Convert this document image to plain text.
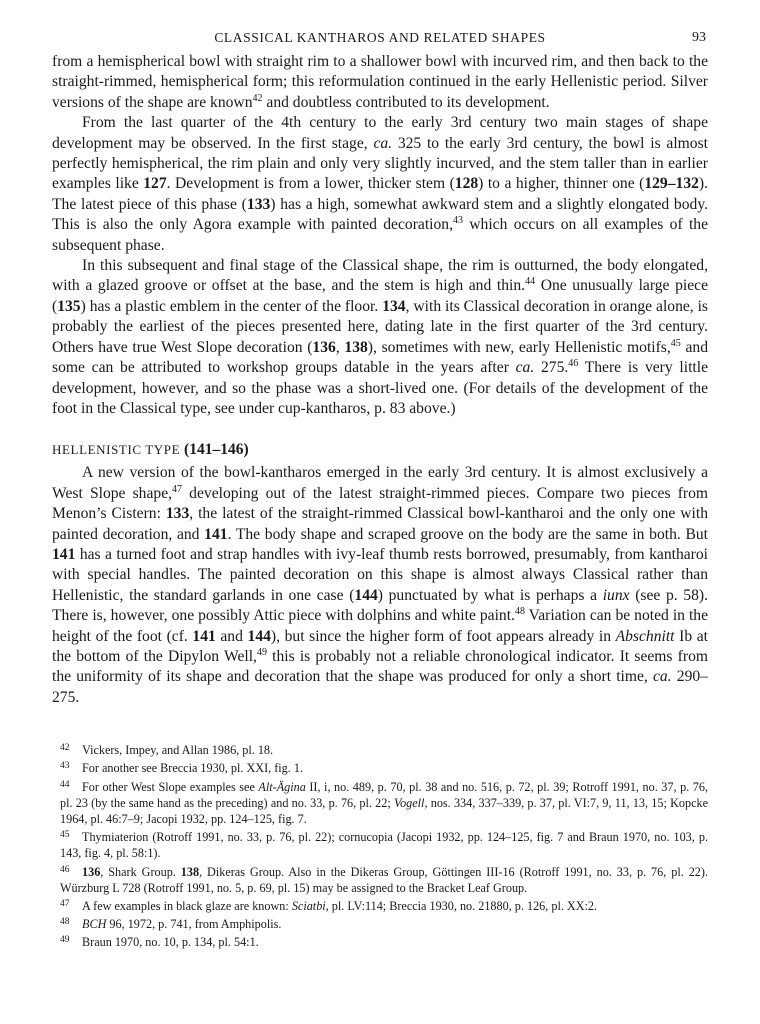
CLASSICAL KANTHAROS AND RELATED SHAPES	93

from a hemispherical bowl with straight rim to a shallower bowl with incurved rim, and then back to the straight-rimmed, hemispherical form; this reformulation continued in the early Hellenistic period. Silver versions of the shape are known$^{42}$ and doubtless contributed to its development.

From the last quarter of the 4th century to the early 3rd century two main stages of shape development may be observed. In the first stage, ca. 325 to the early 3rd century, the bowl is almost perfectly hemispherical, the rim plain and only very slightly incurved, and the stem taller than in earlier examples like 127. Development is from a lower, thicker stem (128) to a higher, thinner one (129–132). The latest piece of this phase (133) has a high, somewhat awkward stem and a slightly elongated body. This is also the only Agora example with painted decoration,$^{43}$ which occurs on all examples of the subsequent phase.

In this subsequent and final stage of the Classical shape, the rim is outturned, the body elongated, with a glazed groove or offset at the base, and the stem is high and thin.$^{44}$ One unusually large piece (135) has a plastic emblem in the center of the floor. 134, with its Classical decoration in orange alone, is probably the earliest of the pieces presented here, dating late in the first quarter of the 3rd century. Others have true West Slope decoration (136, 138), sometimes with new, early Hellenistic motifs,$^{45}$ and some can be attributed to workshop groups datable in the years after ca. 275.46 There is very little development, however, and so the phase was a short-lived one. (For details of the development of the foot in the Classical type, see under cup-kantharos, p. 83 above.)

HELLENISTIC TYPE (141–146)

A new version of the bowl-kantharos emerged in the early 3rd century. It is almost exclusively a West Slope shape,$^{47}$ developing out of the latest straight-rimmed pieces. Compare two pieces from Menon’s Cistern: 133, the latest of the straight-rimmed Classical bowl-kantharoi and the only one with painted decoration, and 141. The body shape and scraped groove on the body are the same in both. But 141 has a turned foot and strap handles with ivy-leaf thumb rests borrowed, presumably, from kantharoi with special handles. The painted decoration on this shape is almost always Classical rather than Hellenistic, the standard garlands in one case (144) punctuated by what is perhaps a iunx (see p. 58). There is, however, one possibly Attic piece with dolphins and white paint.$^{48}$ Variation can be noted in the height of the foot (cf. 141 and 144), but since the higher form of foot appears already in Abschnitt Ib at the bottom of the Dipylon Well,$^{49}$ this is probably not a reliable chronological indicator. It seems from the uniformity of its shape and decoration that the shape was produced for only a short time, ca. 290–275.

42 Vickers, Impey, and Allan 1986, pl. 18.

43 For another see Breccia 1930, pl. XXI, fig. 1.

44 For other West Slope examples see Alt-Ägina II, i, no. 489, p. 70, pl. 38 and no. 516, p. 72, pl. 39; Rotroff 1991, no. 37, p. 76, pl. 23 (by the same hand as the preceding) and no. 33, p. 76, pl. 22; Vogell, nos. 334, 337–339, p. 37, pl. VI:7, 9, 11, 13, 15; Kopcke 1964, pl. 46:7–9; Jacopi 1932, pp. 124–125, fig. 7.

45 Thymiaterion (Rotroff 1991, no. 33, p. 76, pl. 22); cornucopia (Jacopi 1932, pp. 124–125, fig. 7 and Braun 1970, no. 103, p. 143, fig. 4, pl. 58:1).

46 136, Shark Group. 138, Dikeras Group. Also in the Dikeras Group, Göttingen III-16 (Rotroff 1991, no. 33, p. 76, pl. 22). Würzburg L 728 (Rotroff 1991, no. 5, p. 69, pl. 15) may be assigned to the Bracket Leaf Group.

47 A few examples in black glaze are known: Sciatbi, pl. LV:114; Breccia 1930, no. 21880, p. 126, pl. XX:2.

48 BCH 96, 1972, p. 741, from Amphipolis.

49 Braun 1970, no. 10, p. 134, pl. 54:1.
